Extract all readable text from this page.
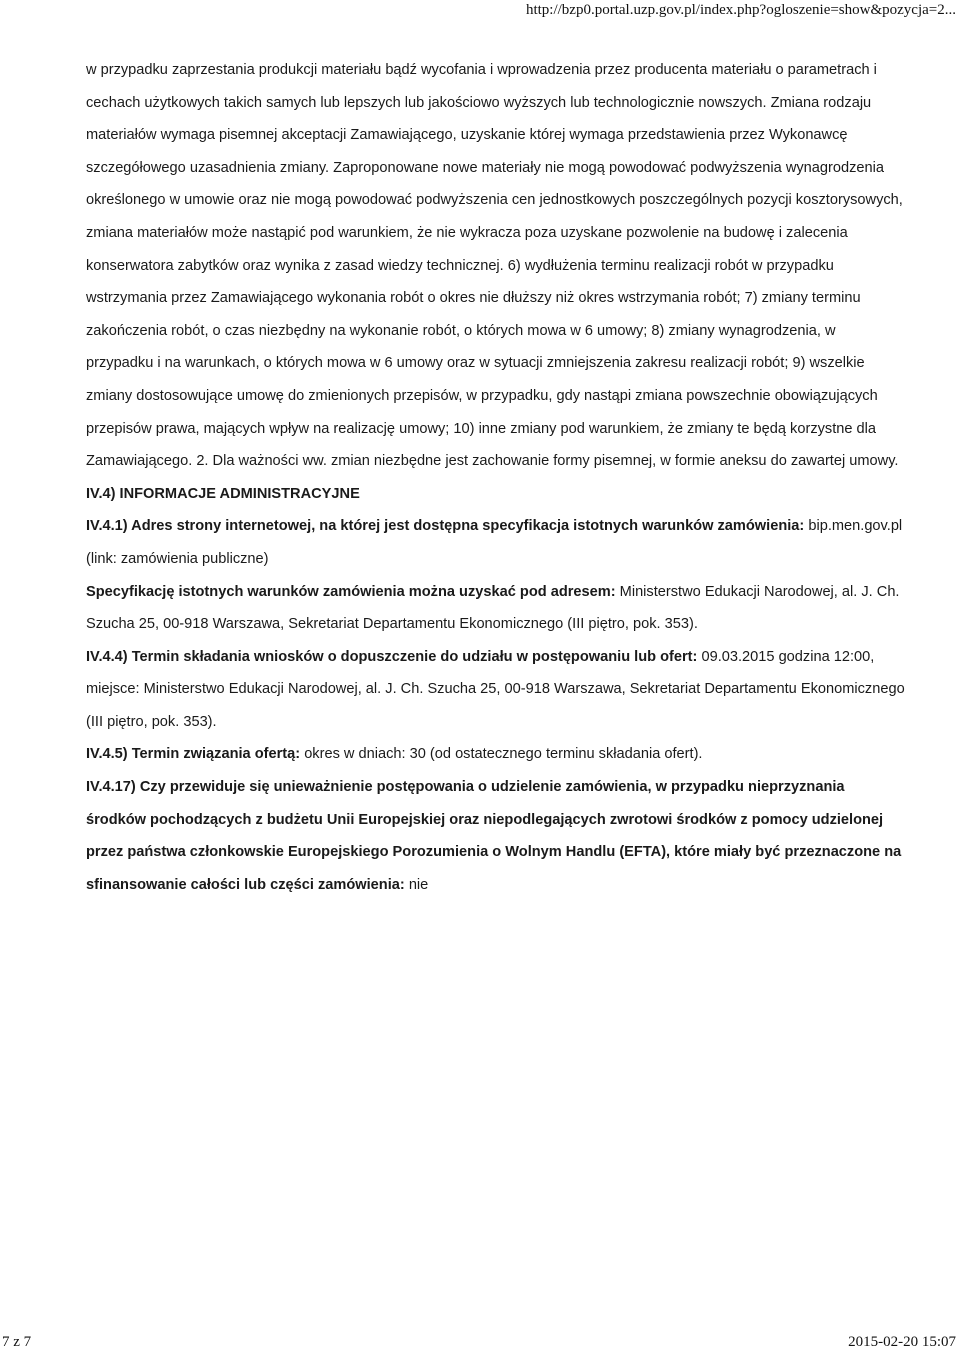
http://bzp0.portal.uzp.gov.pl/index.php?ogloszenie=show&pozycja=2...

w przypadku zaprzestania produkcji materiału bądź wycofania i wprowadzenia przez producenta materiału o parametrach i cechach użytkowych takich samych lub lepszych lub jakościowo wyższych lub technologicznie nowszych. Zmiana rodzaju materiałów wymaga pisemnej akceptacji Zamawiającego, uzyskanie której wymaga przedstawienia przez Wykonawcę szczegółowego uzasadnienia zmiany. Zaproponowane nowe materiały nie mogą powodować podwyższenia wynagrodzenia określonego w umowie oraz nie mogą powodować podwyższenia cen jednostkowych poszczególnych pozycji kosztorysowych, zmiana materiałów może nastąpić pod warunkiem, że nie wykracza poza uzyskane pozwolenie na budowę i zalecenia konserwatora zabytków oraz wynika z zasad wiedzy technicznej. 6) wydłużenia terminu realizacji robót w przypadku wstrzymania przez Zamawiającego wykonania robót o okres nie dłuższy niż okres wstrzymania robót; 7) zmiany terminu zakończenia robót, o czas niezbędny na wykonanie robót, o których mowa w 6 umowy; 8) zmiany wynagrodzenia, w przypadku i na warunkach, o których mowa w 6 umowy oraz w sytuacji zmniejszenia zakresu realizacji robót; 9) wszelkie zmiany dostosowujące umowę do zmienionych przepisów, w przypadku, gdy nastąpi zmiana powszechnie obowiązujących przepisów prawa, mających wpływ na realizację umowy; 10) inne zmiany pod warunkiem, że zmiany te będą korzystne dla Zamawiającego. 2. Dla ważności ww. zmian niezbędne jest zachowanie formy pisemnej, w formie aneksu do zawartej umowy.

IV.4) INFORMACJE ADMINISTRACYJNE

IV.4.1) Adres strony internetowej, na której jest dostępna specyfikacja istotnych warunków zamówienia: bip.men.gov.pl (link: zamówienia publiczne)

Specyfikację istotnych warunków zamówienia można uzyskać pod adresem: Ministerstwo Edukacji Narodowej, al. J. Ch. Szucha 25, 00-918 Warszawa, Sekretariat Departamentu Ekonomicznego (III piętro, pok. 353).

IV.4.4) Termin składania wniosków o dopuszczenie do udziału w postępowaniu lub ofert: 09.03.2015 godzina 12:00, miejsce: Ministerstwo Edukacji Narodowej, al. J. Ch. Szucha 25, 00-918 Warszawa, Sekretariat Departamentu Ekonomicznego (III piętro, pok. 353).

IV.4.5) Termin związania ofertą: okres w dniach: 30 (od ostatecznego terminu składania ofert).

IV.4.17) Czy przewiduje się unieważnienie postępowania o udzielenie zamówienia, w przypadku nieprzyznania środków pochodzących z budżetu Unii Europejskiej oraz niepodlegających zwrotowi środków z pomocy udzielonej przez państwa członkowskie Europejskiego Porozumienia o Wolnym Handlu (EFTA), które miały być przeznaczone na sfinansowanie całości lub części zamówienia: nie

7 z 7	2015-02-20 15:07
